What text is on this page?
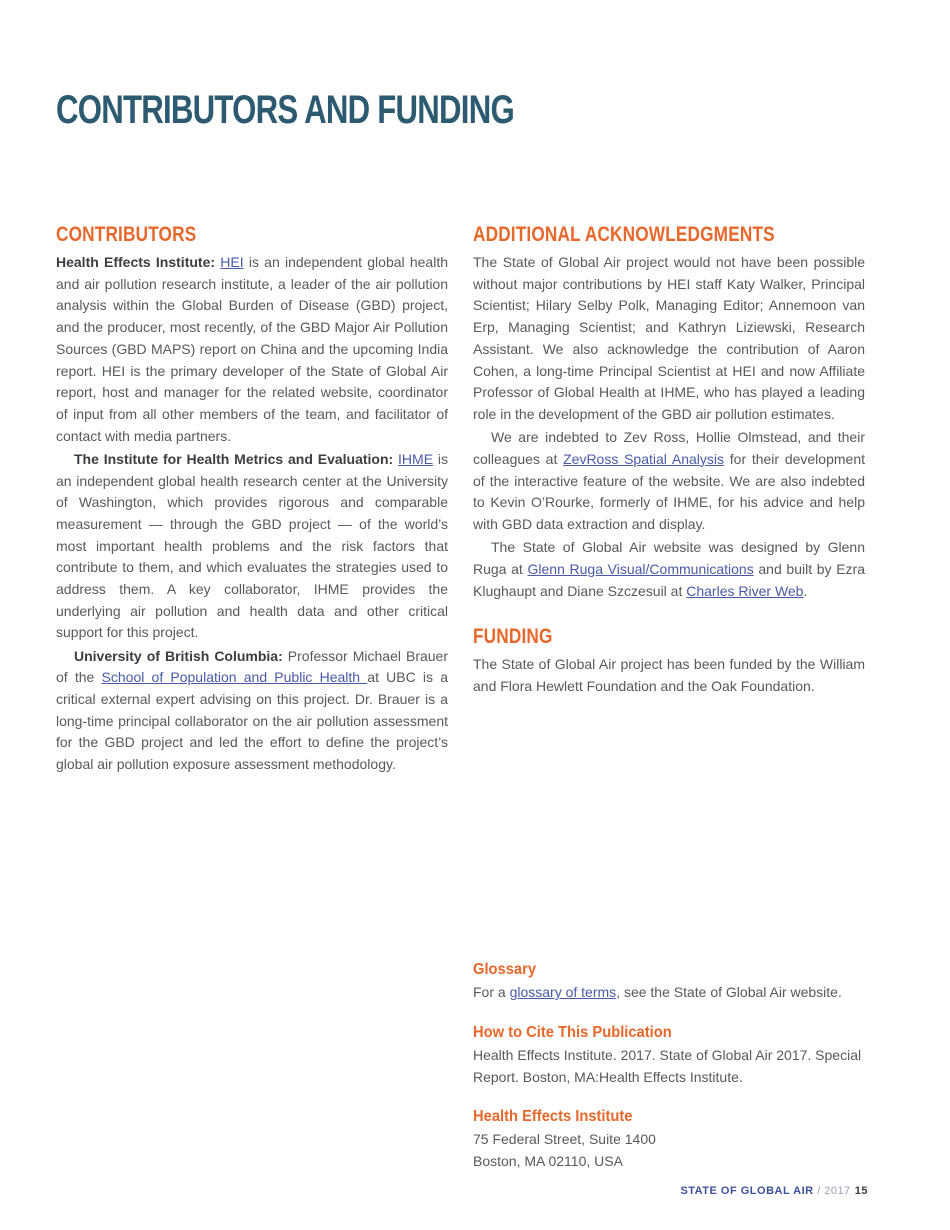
CONTRIBUTORS AND FUNDING
CONTRIBUTORS

Health Effects Institute: HEI is an independent global health and air pollution research institute, a leader of the air pollution analysis within the Global Burden of Disease (GBD) project, and the producer, most recently, of the GBD Major Air Pollution Sources (GBD MAPS) report on China and the upcoming India report. HEI is the primary developer of the State of Global Air report, host and manager for the related website, coordinator of input from all other members of the team, and facilitator of contact with media partners.

The Institute for Health Metrics and Evaluation: IHME is an independent global health research center at the University of Washington, which provides rigorous and comparable measurement — through the GBD project — of the world’s most important health problems and the risk factors that contribute to them, and which evaluates the strategies used to address them. A key collaborator, IHME provides the underlying air pollution and health data and other critical support for this project.

University of British Columbia: Professor Michael Brauer of the School of Population and Public Health at UBC is a critical external expert advising on this project. Dr. Brauer is a long-time principal collaborator on the air pollution assessment for the GBD project and led the effort to define the project’s global air pollution exposure assessment methodology.

ADDITIONAL ACKNOWLEDGMENTS

The State of Global Air project would not have been possible without major contributions by HEI staff Katy Walker, Principal Scientist; Hilary Selby Polk, Managing Editor; Annemoon van Erp, Managing Scientist; and Kathryn Liziewski, Research Assistant. We also acknowledge the contribution of Aaron Cohen, a long-time Principal Scientist at HEI and now Affiliate Professor of Global Health at IHME, who has played a leading role in the development of the GBD air pollution estimates.

We are indebted to Zev Ross, Hollie Olmstead, and their colleagues at ZevRoss Spatial Analysis for their development of the interactive feature of the website. We are also indebted to Kevin O’Rourke, formerly of IHME, for his advice and help with GBD data extraction and display.

The State of Global Air website was designed by Glenn Ruga at Glenn Ruga Visual/Communications and built by Ezra Klughaupt and Diane Szczesuil at Charles River Web.

FUNDING

The State of Global Air project has been funded by the William and Flora Hewlett Foundation and the Oak Foundation.

Glossary

For a glossary of terms, see the State of Global Air website.

How to Cite This Publication

Health Effects Institute. 2017. State of Global Air 2017. Special Report. Boston, MA:Health Effects Institute.

Health Effects Institute

75 Federal Street, Suite 1400

Boston, MA 02110, USA

STATE OF GLOBAL AIR / 2017 15
